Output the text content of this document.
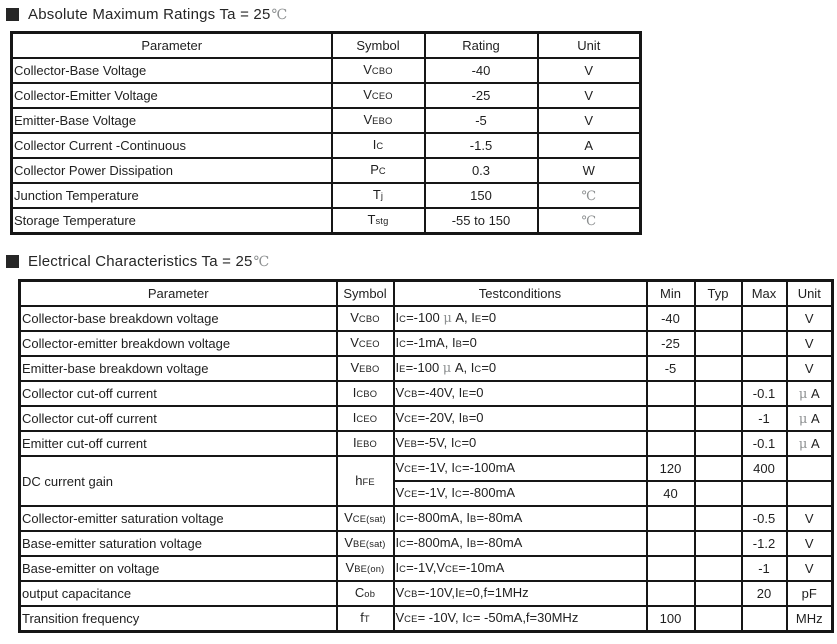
Absolute Maximum Ratings Ta = 25 ℃
Parameter	Symbol	Rating	Unit
Collector-Base Voltage	VCBO	-40	V
Collector-Emitter Voltage	VCEO	-25	V
Emitter-Base Voltage	VEBO	-5	V
Collector Current -Continuous	IC	-1.5	A
Collector Power Dissipation	PC	0.3	W
Junction Temperature	Tj	150	℃
Storage Temperature	Tstg	-55 to 150	℃
Electrical Characteristics Ta = 25 ℃
Parameter	Symbol	Testconditions	Min	Typ	Max	Unit
Collector-base breakdown voltage	VCBO	IC=-100 μ A, IE=0	-40			V
Collector-emitter breakdown voltage	VCEO	IC=-1mA, IB=0	-25			V
Emitter-base breakdown voltage	VEBO	IE=-100 μ A, IC=0	-5			V
Collector cut-off current	ICBO	VCB=-40V, IE=0			-0.1	μ A
Collector cut-off current	ICEO	VCE=-20V, IB=0			-1	μ A
Emitter cut-off current	IEBO	VEB=-5V, IC=0			-0.1	μ A
DC current gain	hFE	VCE=-1V, IC=-100mA	120		400	
		VCE=-1V, IC=-800mA	40			
Collector-emitter saturation voltage	VCE(sat)	IC=-800mA, IB=-80mA			-0.5	V
Base-emitter saturation voltage	VBE(sat)	IC=-800mA, IB=-80mA			-1.2	V
Base-emitter on voltage	VBE(on)	IC=-1V,VCE=-10mA			-1	V
output capacitance	Cob	VCB=-10V,IE=0,f=1MHz			20	pF
Transition frequency	fT	VCE= -10V, IC= -50mA,f=30MHz	100			MHz
